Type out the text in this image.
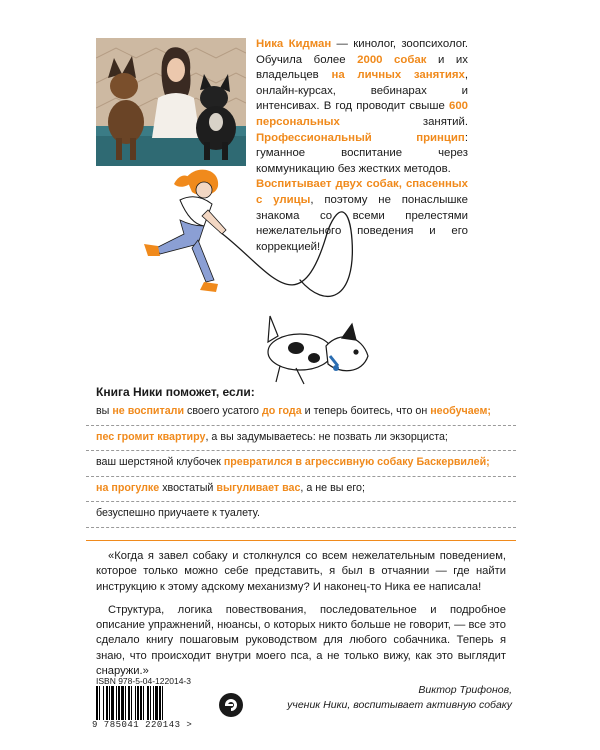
Ника Кидман — кинолог, зоопсихолог. Обучила более 2000 собак и их владельцев на личных занятиях, онлайн-курсах, вебинарах и интенсивах. В год проводит свыше 600 персональных занятий. Профессиональный принцип: гуманное воспитание через коммуникацию без жестких методов.

Воспитывает двух собак, спасенных с улицы, поэтому не понаслышке знакома со всеми прелестями нежелательного поведения и его коррекцией!

Книга Ники поможет, если:
вы не воспитали своего усатого до года и теперь боитесь, что он необучаем;
пес громит квартиру, а вы задумываетесь: не позвать ли экзорциста;
ваш шерстяной клубочек превратился в агрессивную собаку Баскервилей;
на прогулке хвостатый выгуливает вас, а не вы его;
безуспешно приучаете к туалету.

«Когда я завел собаку и столкнулся со всем нежелательным поведением, которое только можно себе представить, я был в отчаянии — где найти инструкцию к этому адскому механизму? И наконец-то Ника ее написала!

Структура, логика повествования, последовательное и подробное описание упражнений, нюансы, о которых никто больше не говорит, — все это сделало книгу пошаговым руководством для любого собачника. Теперь я знаю, что происходит внутри моего пса, а не только вижу, как это выглядит снаружи.»

ISBN 978-5-04-122014-3
9 785041 220143 >
Виктор Трифонов,
ученик Ники, воспитывает активную собаку
